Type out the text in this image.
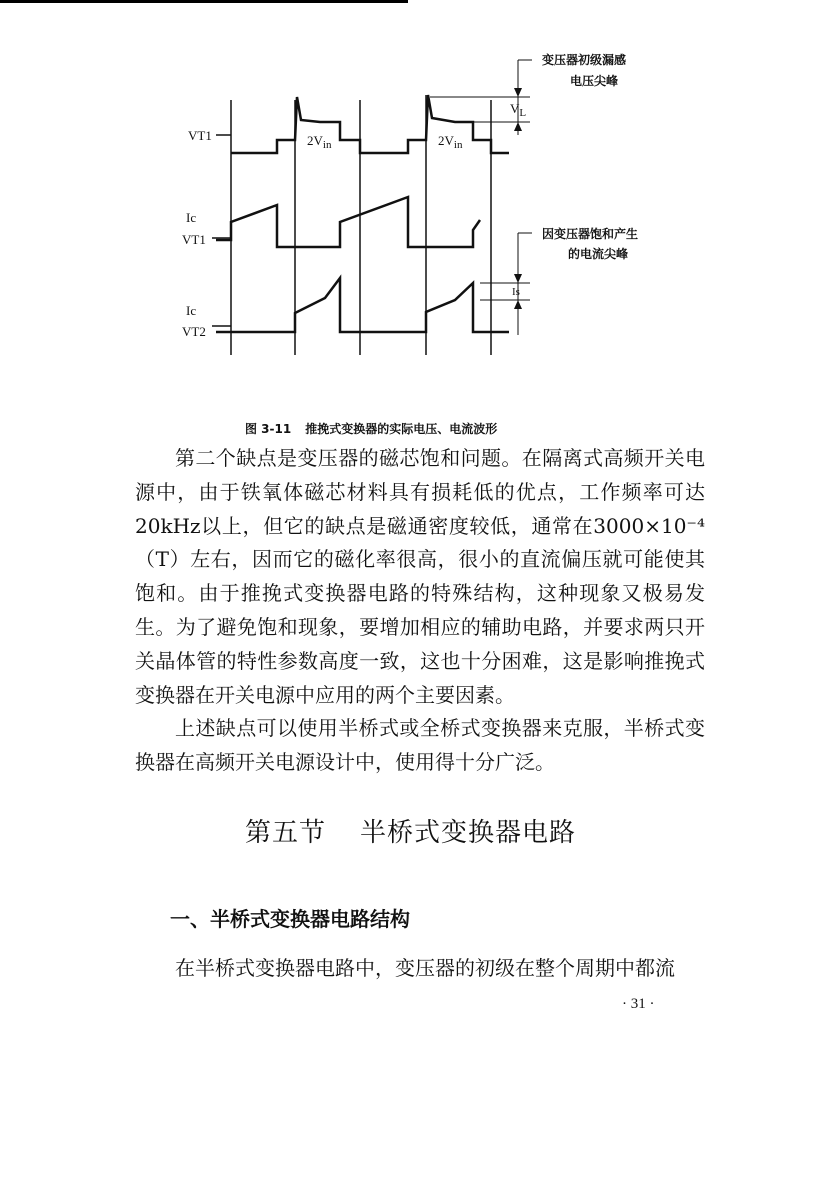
VT1
Ic
VT1
Ic
VT2
$2V_{in}$	$2V_{in}$
$V_L$
Is
变压器初级漏感
电压尖峰
因变压器饱和产生
的电流尖峰
图 3-11 推挽式变换器的实际电压、电流波形

第二个缺点是变压器的磁芯饱和问题。在隔离式高频开关电源中，由于铁氧体磁芯材料具有损耗低的优点，工作频率可达20kHz以上，但它的缺点是磁通密度较低，通常在3000×10⁻⁴（T）左右，因而它的磁化率很高，很小的直流偏压就可能使其饱和。由于推挽式变换器电路的特殊结构，这种现象又极易发生。为了避免饱和现象，要增加相应的辅助电路，并要求两只开关晶体管的特性参数高度一致，这也十分困难，这是影响推挽式变换器在开关电源中应用的两个主要因素。

上述缺点可以使用半桥式或全桥式变换器来克服，半桥式变换器在高频开关电源设计中，使用得十分广泛。

第五节 半桥式变换器电路
一、半桥式变换器电路结构

在半桥式变换器电路中，变压器的初级在整个周期中都流

· 31 ·
